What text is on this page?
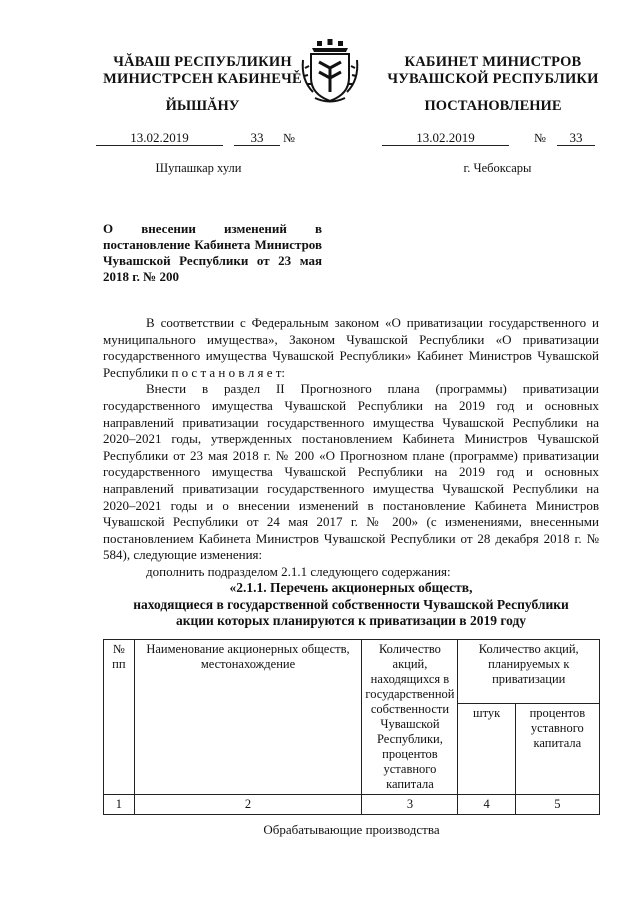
ЧĂВАШ РЕСПУБЛИКИН
МИНИСТРСЕН КАБИНЕЧĚ
ЙЫШĂНУ
КАБИНЕТ МИНИСТРОВ
ЧУВАШСКОЙ РЕСПУБЛИКИ
ПОСТАНОВЛЕНИЕ
13.02.2019	33	№	13.02.2019	№	33
Шупашкар хули	г. Чебоксары
О внесении изменений в постановление Кабинета Министров Чувашской Республики от 23 мая 2018 г. № 200
В соответствии с Федеральным законом «О приватизации государственного и муниципального имущества», Законом Чувашской Республики «О приватизации государственного имущества Чувашской Республики» Кабинет Министров Чувашской Республики п о с т а н о в л я е т:
Внести в раздел II Прогнозного плана (программы) приватизации государственного имущества Чувашской Республики на 2019 год и основных направлений приватизации государственного имущества Чувашской Республики на 2020–2021 годы, утвержденных постановлением Кабинета Министров Чувашской Республики от 23 мая 2018 г. № 200 «О Прогнозном плане (программе) приватизации государственного имущества Чувашской Республики на 2019 год и основных направлений приватизации государственного имущества Чувашской Республики на 2020–2021 годы и о внесении изменений в постановление Кабинета Министров Чувашской Республики от 24 мая 2017 г. № 200» (с изменениями, внесенными постановлением Кабинета Министров Чувашской Республики от 28 декабря 2018 г. № 584), следующие изменения:
дополнить подразделом 2.1.1 следующего содержания:
«2.1.1. Перечень акционерных обществ,
находящиеся в государственной собственности Чувашской Республики
акции которых планируются к приватизации в 2019 году
№ пп	Наименование акционерных обществ, местонахождение	Количество акций, находящихся в государственной собственности Чувашской Республики, процентов уставного капитала	Количество акций, планируемых к приватизации	
			штук	процентов уставного капитала
1	2	3	4	5
Обрабатывающие производства
